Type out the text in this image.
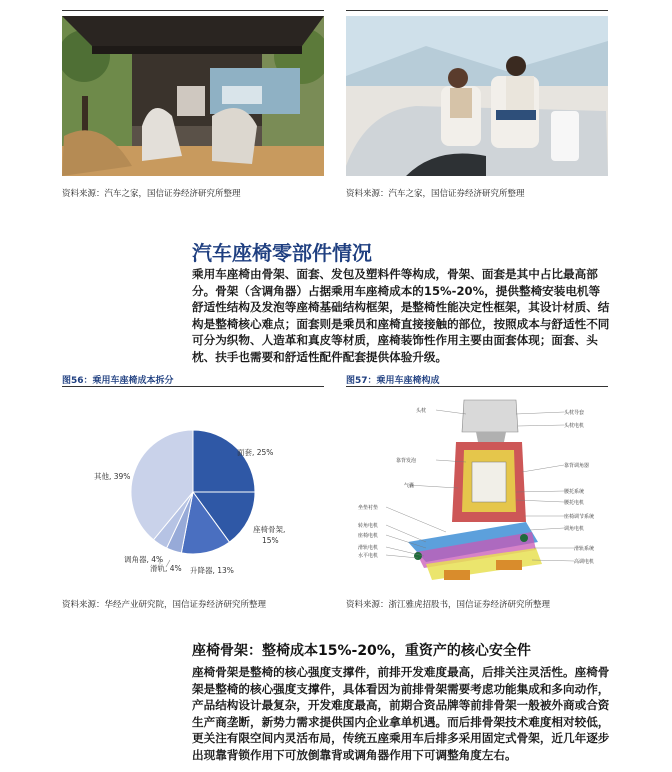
资料来源：汽车之家，国信证券经济研究所整理	资料来源：汽车之家，国信证券经济研究所整理
汽车座椅零部件情况
乘用车座椅由骨架、面套、发包及塑料件等构成，骨架、面套是其中占比最高部分。骨架（含调角器）占据乘用车座椅成本的15%-20%，提供整椅安装电机等舒适性结构及发泡等座椅基础结构框架，是整椅性能决定性框架，其设计材质、结构是整椅核心难点；面套则是乘员和座椅直接接触的部位，按照成本与舒适性不同可分为织物、人造革和真皮等材质，座椅装饰性作用主要由面套体现；面套、头枕、扶手也需要和舒适性配件配套提供体验升级。
图56：乘用车座椅成本拆分	图57：乘用车座椅构成
面套, 25%
座椅骨架,
15%
升降器, 13%
滑轨, 4%
调角器, 4%
其他, 39%
头枕	头枕导套
头枕电机
靠背发泡
靠背调角器
气囊
腰托系统
腰托电机
座椅调节系统
坐垫衬垫
调角电机
转角电机
座椅电机
滑轨系统
滑轨电机
水平电机
高调电机
资料来源：华经产业研究院，国信证券经济研究所整理	资料来源：浙江雅虎招股书，国信证券经济研究所整理
座椅骨架：整椅成本15%-20%，重资产的核心安全件
座椅骨架是整椅的核心强度支撑件，前排开发难度最高，后排关注灵活性。座椅骨架是整椅的核心强度支撑件，具体看因为前排骨架需要考虑功能集成和多向动作，产品结构设计最复杂，开发难度最高，前期合资品牌等前排骨架一般被外商或合资生产商垄断，新势力需求提供国内企业拿单机遇。而后排骨架技术难度相对较低，更关注有限空间内灵活布局，传统五座乘用车后排多采用固定式骨架，近几年逐步出现靠背锁作用下可放倒靠背或调角器作用下可调整角度左右。
